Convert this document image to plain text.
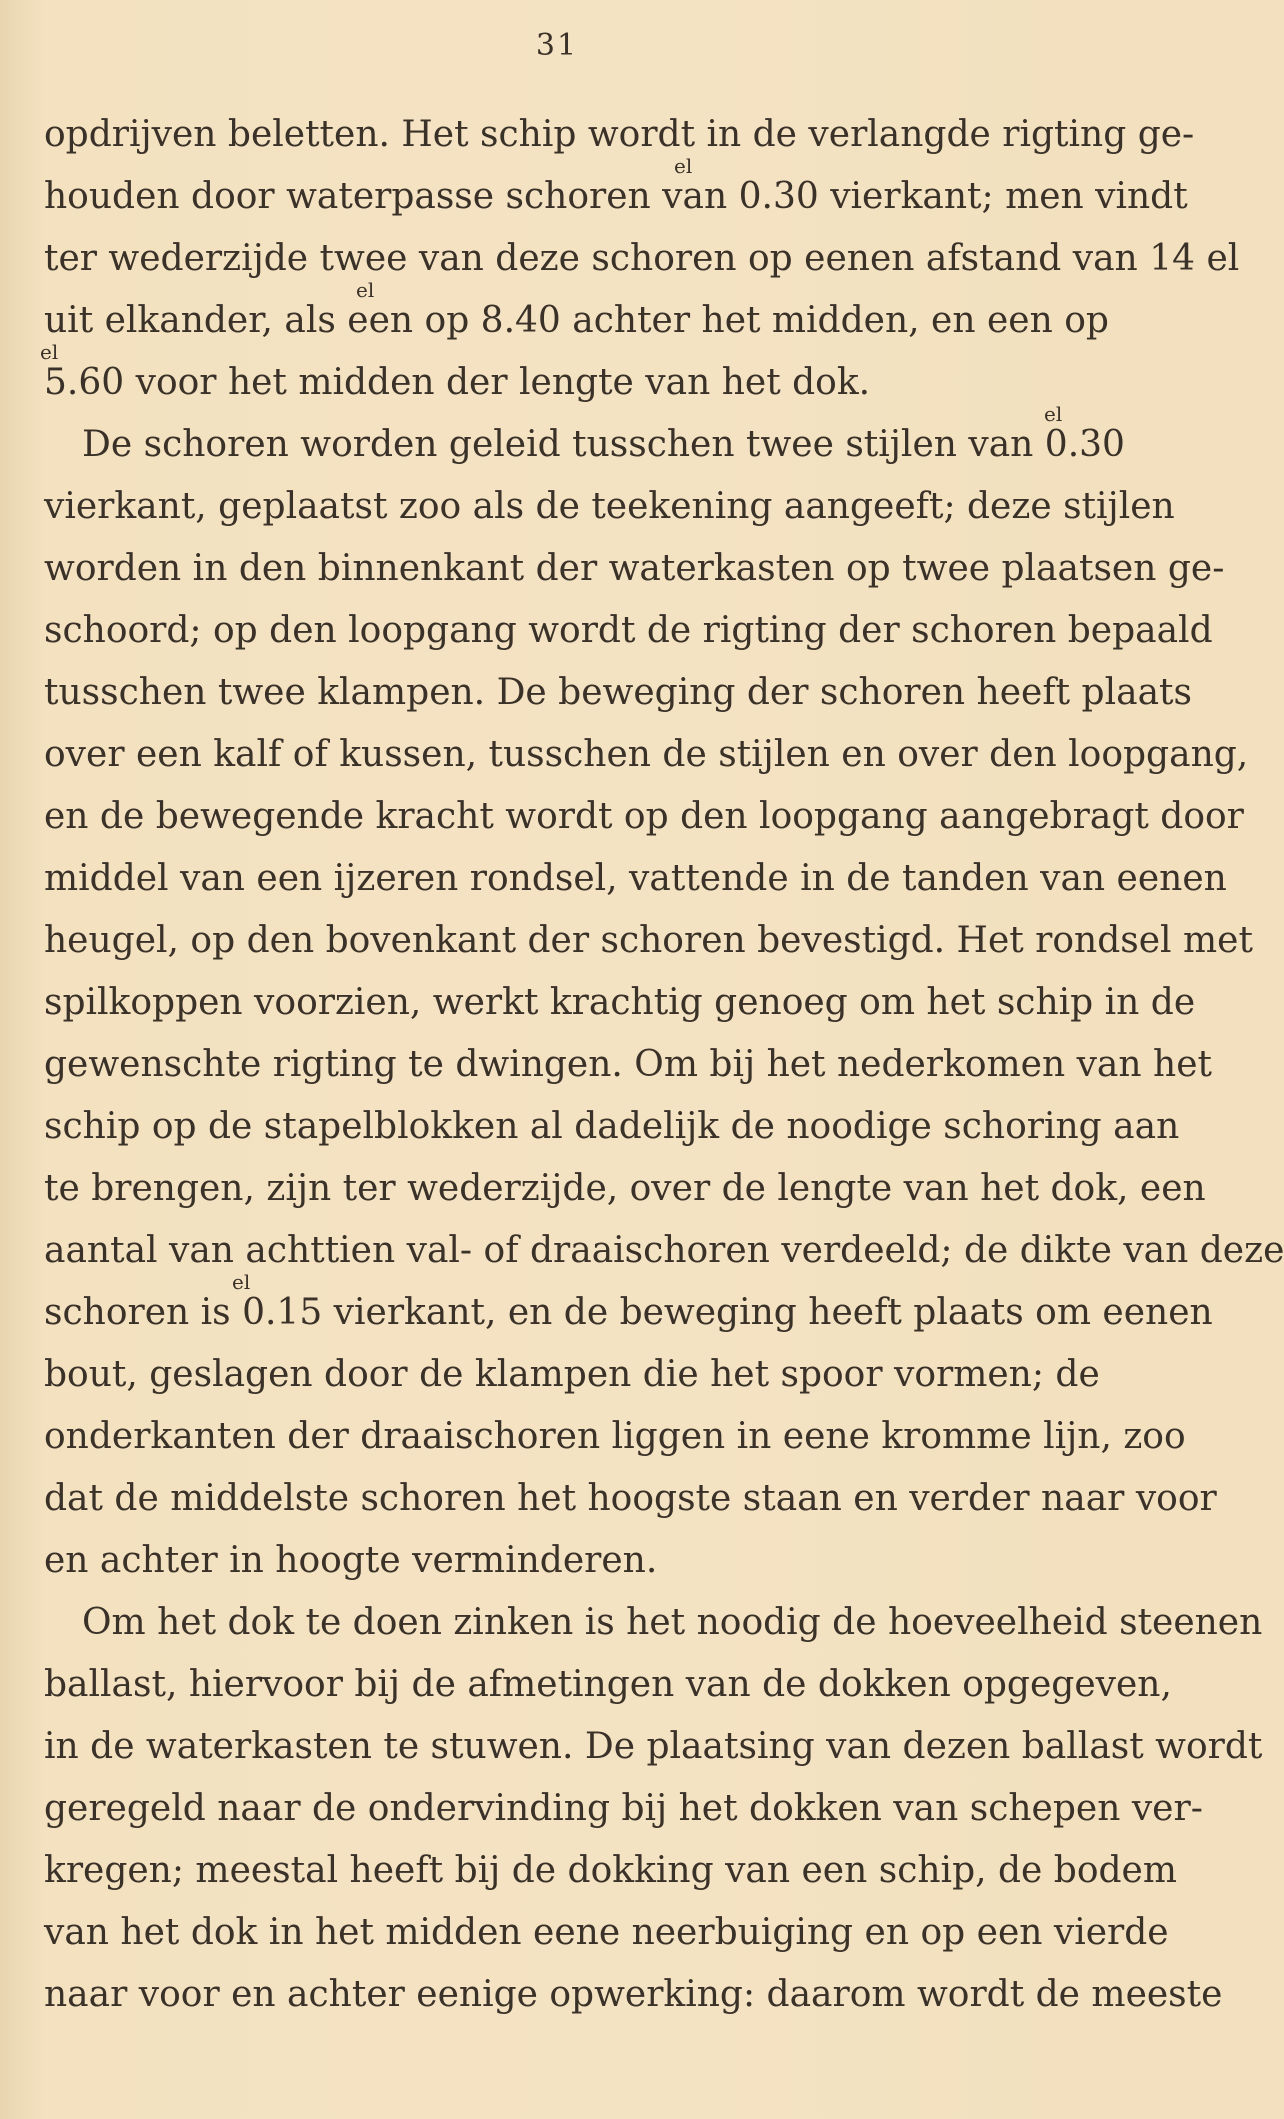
31
opdrijven beletten. Het schip wordt in de verlangde rigting ge-
houden door waterpasse schoren van 0.30 vierkant; men vindt
el
ter wederzijde twee van deze schoren op eenen afstand van 14 el
uit elkander, als een op 8.40 achter het midden, en een op
el
5.60 voor het midden der lengte van het dok.
el
De schoren worden geleid tusschen twee stijlen van 0.30
el
vierkant, geplaatst zoo als de teekening aangeeft; deze stijlen
worden in den binnenkant der waterkasten op twee plaatsen ge-
schoord; op den loopgang wordt de rigting der schoren bepaald
tusschen twee klampen. De beweging der schoren heeft plaats
over een kalf of kussen, tusschen de stijlen en over den loopgang,
en de bewegende kracht wordt op den loopgang aangebragt door
middel van een ijzeren rondsel, vattende in de tanden van eenen
heugel, op den bovenkant der schoren bevestigd. Het rondsel met
spilkoppen voorzien, werkt krachtig genoeg om het schip in de
gewenschte rigting te dwingen. Om bij het nederkomen van het
schip op de stapelblokken al dadelijk de noodige schoring aan
te brengen, zijn ter wederzijde, over de lengte van het dok, een
aantal van achttien val- of draaischoren verdeeld; de dikte van deze
schoren is 0.15 vierkant, en de beweging heeft plaats om eenen
el
bout, geslagen door de klampen die het spoor vormen; de
onderkanten der draaischoren liggen in eene kromme lijn, zoo
dat de middelste schoren het hoogste staan en verder naar voor
en achter in hoogte verminderen.
Om het dok te doen zinken is het noodig de hoeveelheid steenen
ballast, hiervoor bij de afmetingen van de dokken opgegeven,
in de waterkasten te stuwen. De plaatsing van dezen ballast wordt
geregeld naar de ondervinding bij het dokken van schepen ver-
kregen; meestal heeft bij de dokking van een schip, de bodem
van het dok in het midden eene neerbuiging en op een vierde
naar voor en achter eenige opwerking: daarom wordt de meeste
